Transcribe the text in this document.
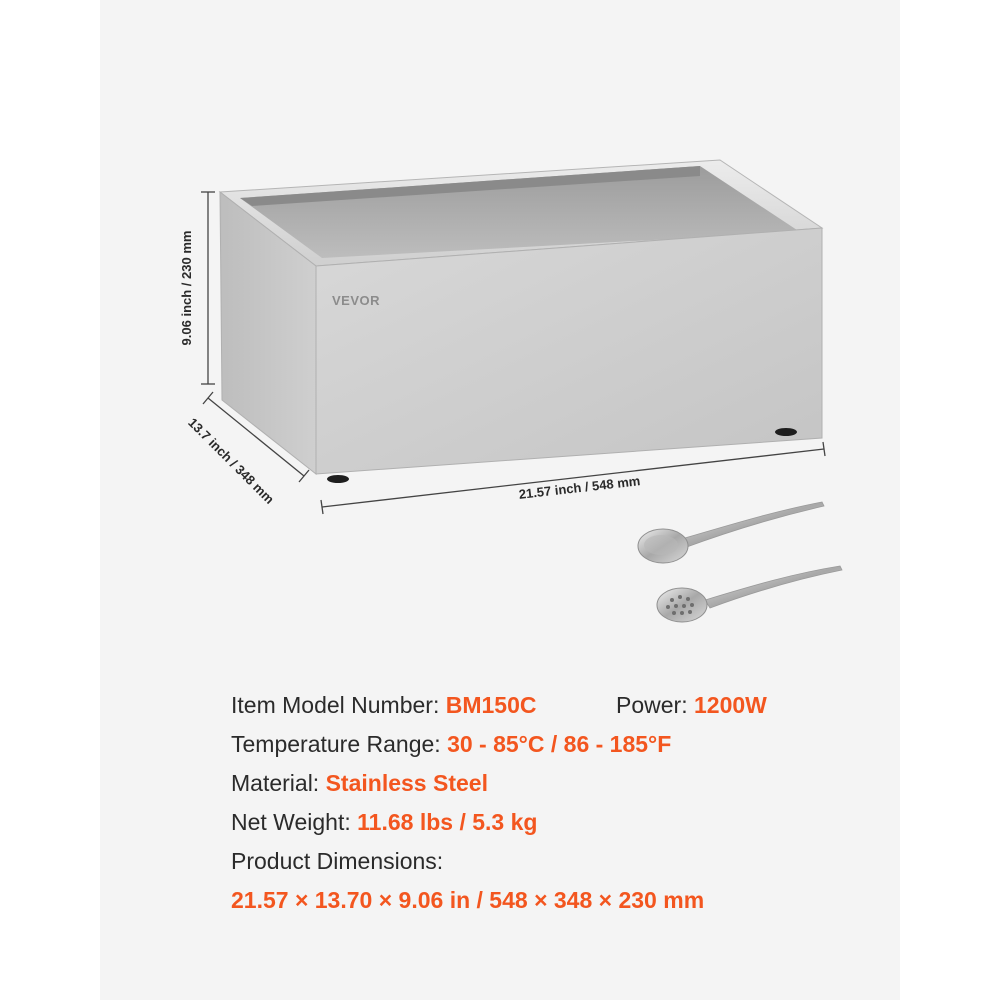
VEVOR
9.06 inch / 230 mm
13.7 inch / 348 mm	21.57 inch / 548 mm
Item Model Number: BM150C	Power: 1200W
Temperature Range: 30 - 85°C / 86 - 185°F
Material: Stainless Steel
Net Weight: 11.68 lbs / 5.3 kg
Product Dimensions:
21.57 × 13.70 × 9.06 in / 548 × 348 × 230 mm
